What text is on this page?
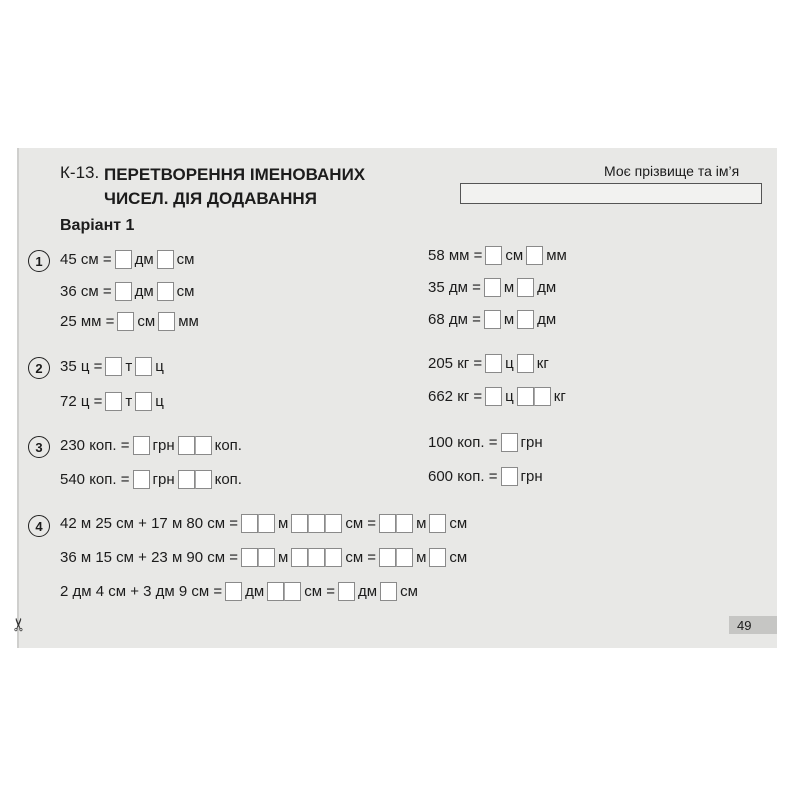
✂
К-13. ПЕРЕТВОРЕННЯ ІМЕНОВАНИХ
ЧИСЕЛ. ДІЯ ДОДАВАННЯ
Моє прізвище та ім’я
Варіант 1
1	45 см = дм см
36 см = дм см
25 мм = см мм
58 мм = см мм
35 дм = м дм
68 дм = м дм
2	35 ц = т ц
72 ц = т ц
205 кг = ц кг
662 кг = ц	кг
3	230 коп. = грн	коп.
540 коп. = грн	коп.
100 коп. = грн
600 коп. = грн
4	42 м 25 см + 17 м 80 см =	м	см =	м см
36 м 15 см + 23 м 90 см =	м	см =	м см
2 дм 4 см + 3 дм 9 см = дм	см = дм см
49
